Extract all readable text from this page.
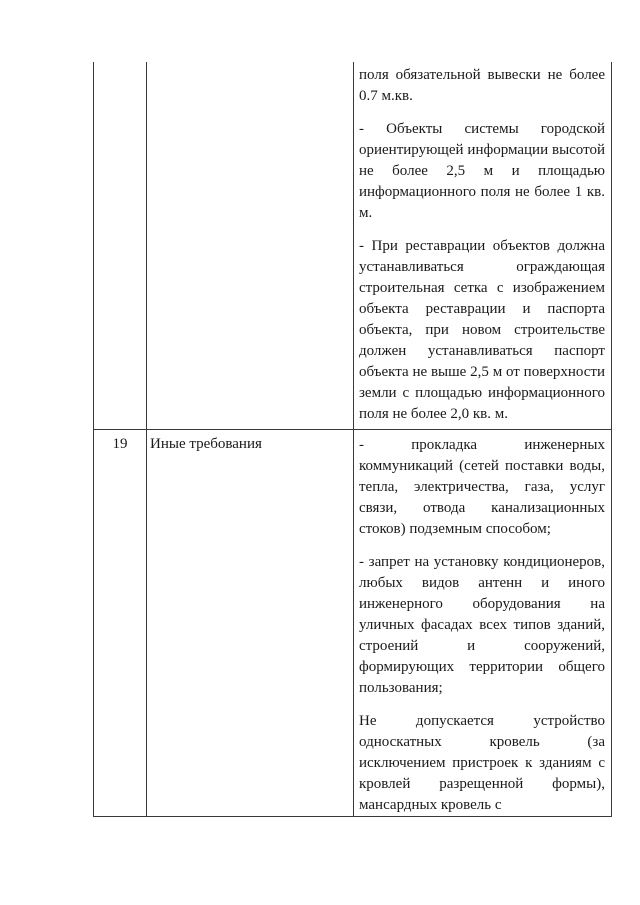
		поля обязательной вывески не более 0.7 м.кв.

- Объекты системы городской ориентирующей информации высотой не более 2,5 м и площадью информационного поля не более 1 кв. м.

- При реставрации объектов должна устанавливаться ограждающая строительная сетка с изображением объекта реставрации и паспорта объекта, при новом строительстве должен устанавливаться паспорт объекта не выше 2,5 м от поверхности земли с площадью информационного поля не более 2,0 кв. м.

19	Иные требования	- прокладка инженерных коммуникаций (сетей поставки воды, тепла, электричества, газа, услуг связи, отвода канализационных стоков) подземным способом;

- запрет на установку кондиционеров, любых видов антенн и иного инженерного оборудования на уличных фасадах всех типов зданий, строений и сооружений, формирующих территории общего пользования;

Не допускается устройство односкатных кровель (за исключением пристроек к зданиям с кровлей разрещенной формы), мансардных кровель с
